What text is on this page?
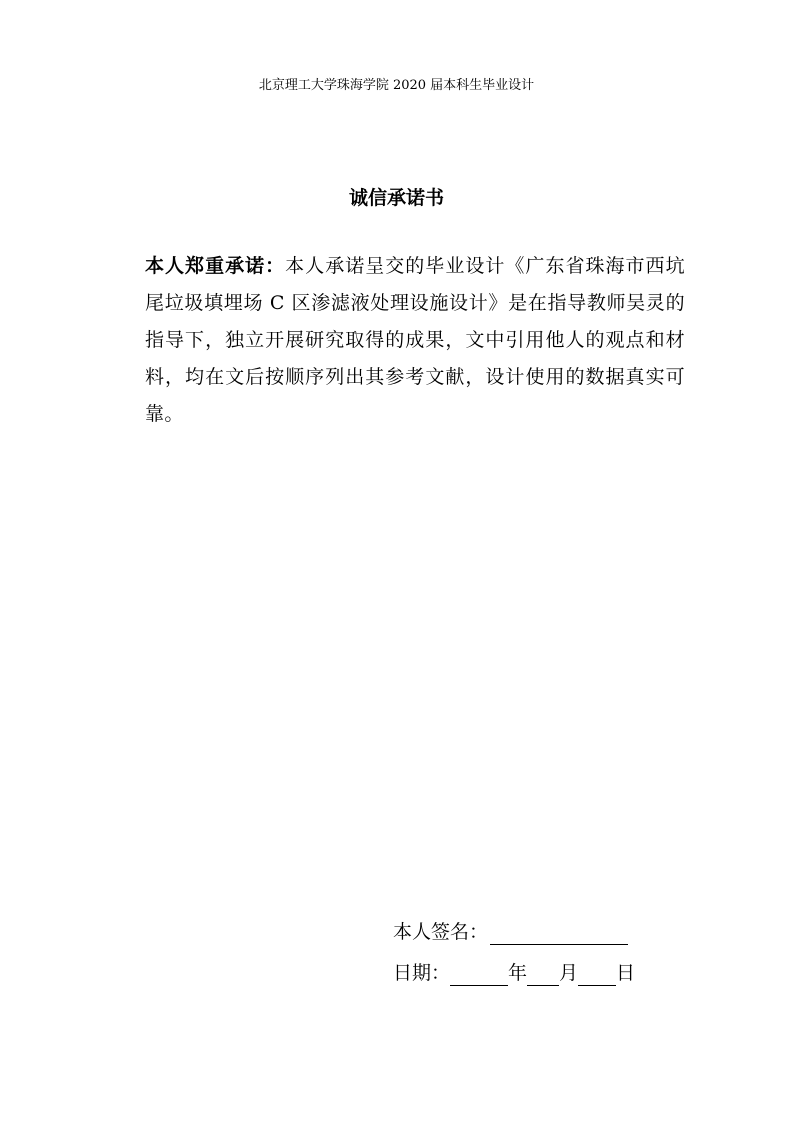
北京理工大学珠海学院 2020 届本科生毕业设计
诚信承诺书
本人郑重承诺：本人承诺呈交的毕业设计《广东省珠海市西坑尾垃圾填埋场 C 区渗滤液处理设施设计》是在指导教师吴灵的指导下，独立开展研究取得的成果，文中引用他人的观点和材料，均在文后按顺序列出其参考文献，设计使用的数据真实可靠。
本人签名：
日期：	年 月 日
